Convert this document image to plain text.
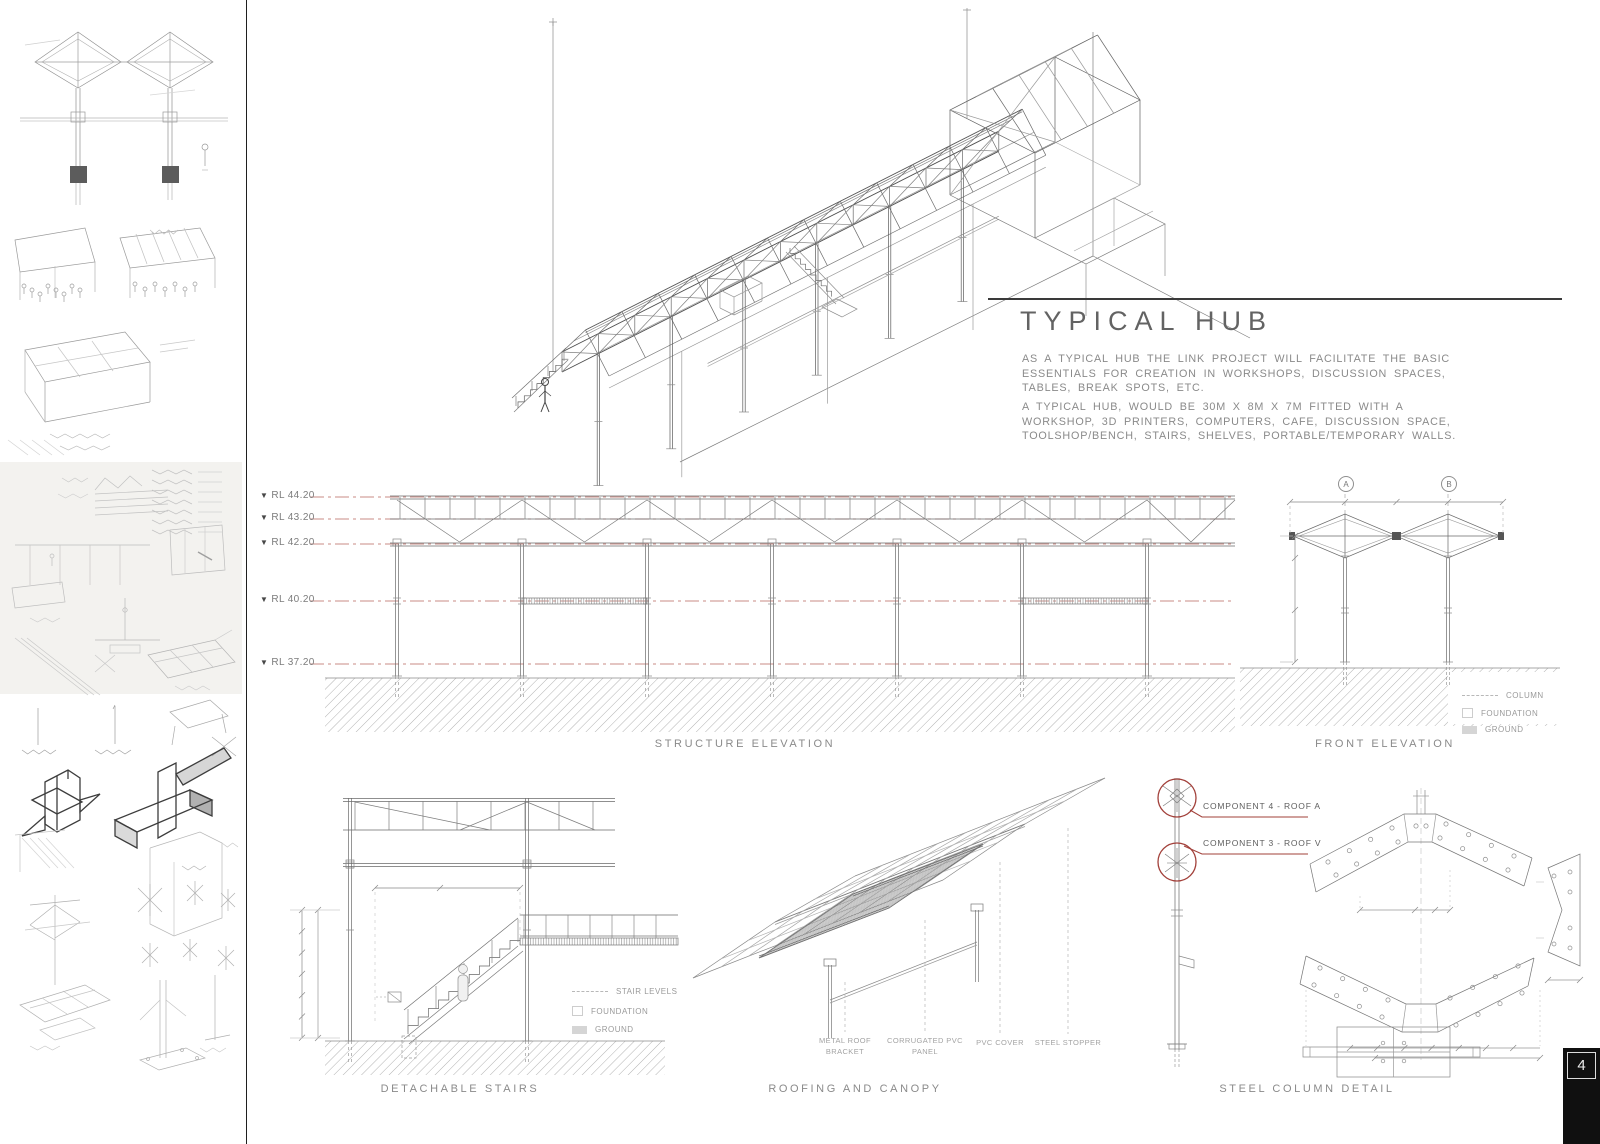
TYPICAL HUB
AS A TYPICAL HUB THE LINK PROJECT WILL FACILITATE THE BASIC ESSENTIALS FOR CREATION IN WORKSHOPS, DISCUSSION SPACES, TABLES, BREAK SPOTS, ETC.
A TYPICAL HUB, WOULD BE 30M X 8M X 7M FITTED WITH A WORKSHOP, 3D PRINTERS, COMPUTERS, CAFE, DISCUSSION SPACE, TOOLSHOP/BENCH, STAIRS, SHELVES, PORTABLE/TEMPORARY WALLS.
▼ RL 44.20
▼ RL 43.20
▼ RL 42.20
▼ RL 40.20
▼ RL 37.20
A	B
STRUCTURE ELEVATION	FRONT ELEVATION
DETACHABLE STAIRS	ROOFING AND CANOPY	STEEL COLUMN DETAIL
COLUMN
FOUNDATION
GROUND
STAIR LEVELS
FOUNDATION
GROUND
METAL ROOF BRACKET
CORRUGATED PVC PANEL
PVC COVER	STEEL STOPPER
COMPONENT 4 - ROOF A
COMPONENT 3 - ROOF V
4
